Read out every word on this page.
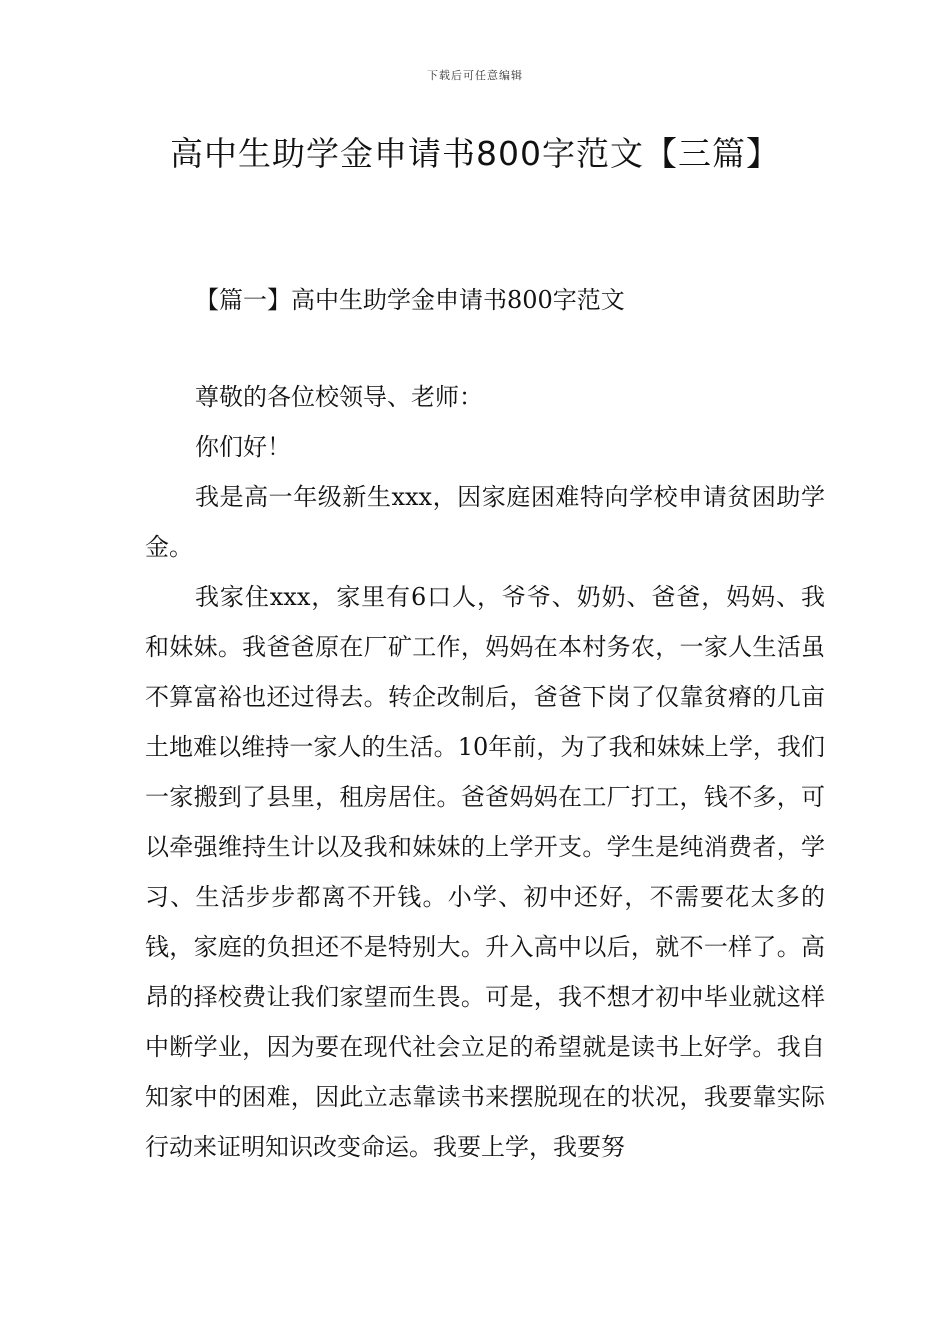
下载后可任意编辑
高中生助学金申请书800字范文【三篇】
【篇一】高中生助学金申请书800字范文

尊敬的各位校领导、老师：

你们好！

我是高一年级新生xxx，因家庭困难特向学校申请贫困助学金。

我家住xxx，家里有6口人，爷爷、奶奶、爸爸，妈妈、我和妹妹。我爸爸原在厂矿工作，妈妈在本村务农，一家人生活虽不算富裕也还过得去。转企改制后，爸爸下岗了仅靠贫瘠的几亩土地难以维持一家人的生活。10年前，为了我和妹妹上学，我们一家搬到了县里，租房居住。爸爸妈妈在工厂打工，钱不多，可以牵强维持生计以及我和妹妹的上学开支。学生是纯消费者，学习、生活步步都离不开钱。小学、初中还好，不需要花太多的钱，家庭的负担还不是特别大。升入高中以后，就不一样了。高昂的择校费让我们家望而生畏。可是，我不想才初中毕业就这样中断学业，因为要在现代社会立足的希望就是读书上好学。我自知家中的困难，因此立志靠读书来摆脱现在的状况，我要靠实际行动来证明知识改变命运。我要上学，我要努
